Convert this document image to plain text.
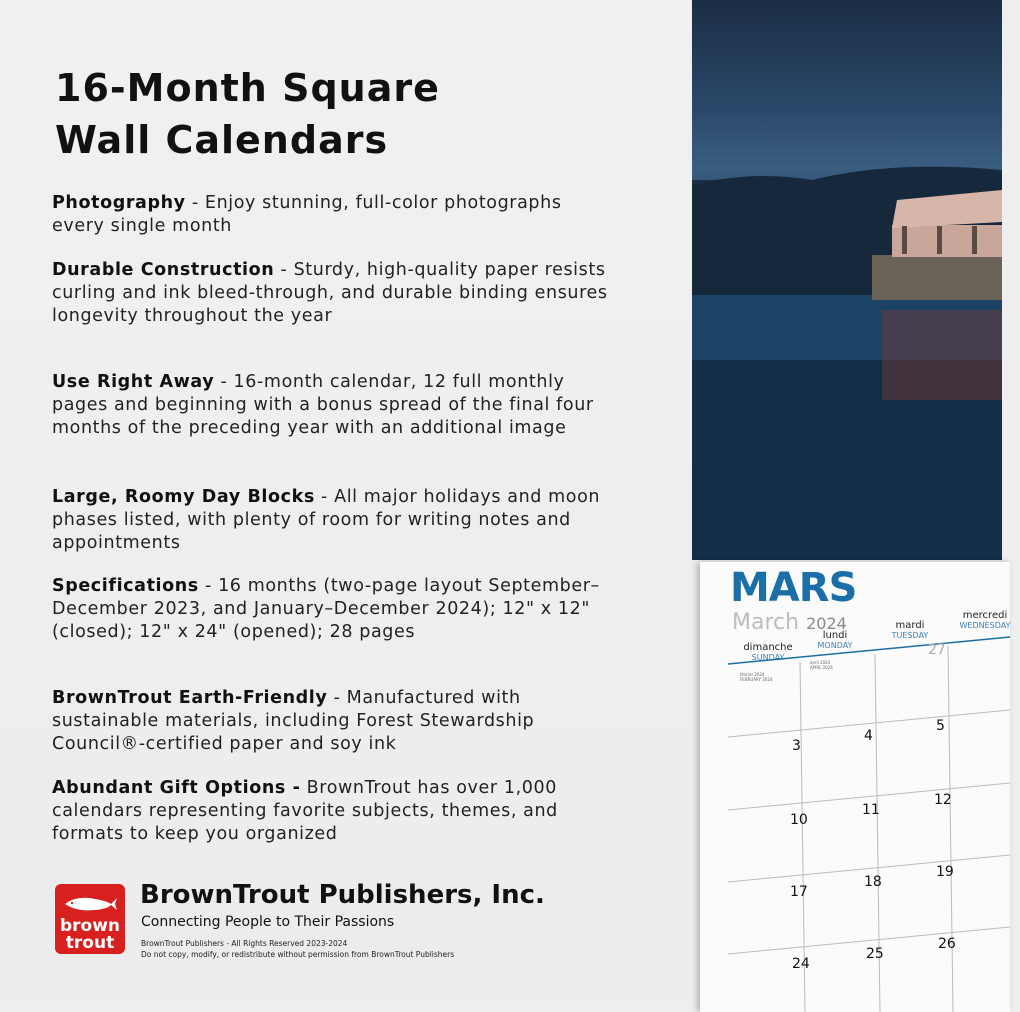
16-Month Square
Wall Calendars
Photography - Enjoy stunning, full-color photographs every single month
Durable Construction - Sturdy, high-quality paper resists curling and ink bleed-through, and durable binding ensures longevity throughout the year
Use Right Away - 16-month calendar, 12 full monthly pages and beginning with a bonus spread of the final four months of the preceding year with an additional image
Large, Roomy Day Blocks - All major holidays and moon phases listed, with plenty of room for writing notes and appointments
Specifications - 16 months (two-page layout September–December 2023, and January–December 2024); 12" x 12" (closed); 12" x 24" (opened); 28 pages
BrownTrout Earth-Friendly - Manufactured with sustainable materials, including Forest Stewardship Council®-certified paper and soy ink
Abundant Gift Options - BrownTrout has over 1,000 calendars representing favorite subjects, themes, and formats to keep you organized
brown
trout
BrownTrout Publishers, Inc.
Connecting People to Their Passions
BrownTrout Publishers - All Rights Reserved 2023-2024
Do not copy, modify, or redistribute without permission from BrownTrout Publishers
MARS
March 2024
dimanche
SUNDAY
lundi
MONDAY
mardi
TUESDAY
mercredi
WEDNESDAY
février 2024
FEBRUARY 2024
avril 2024
APRIL 2024
27
3
4
5
10
11
12
17
18
19
24
25
26
